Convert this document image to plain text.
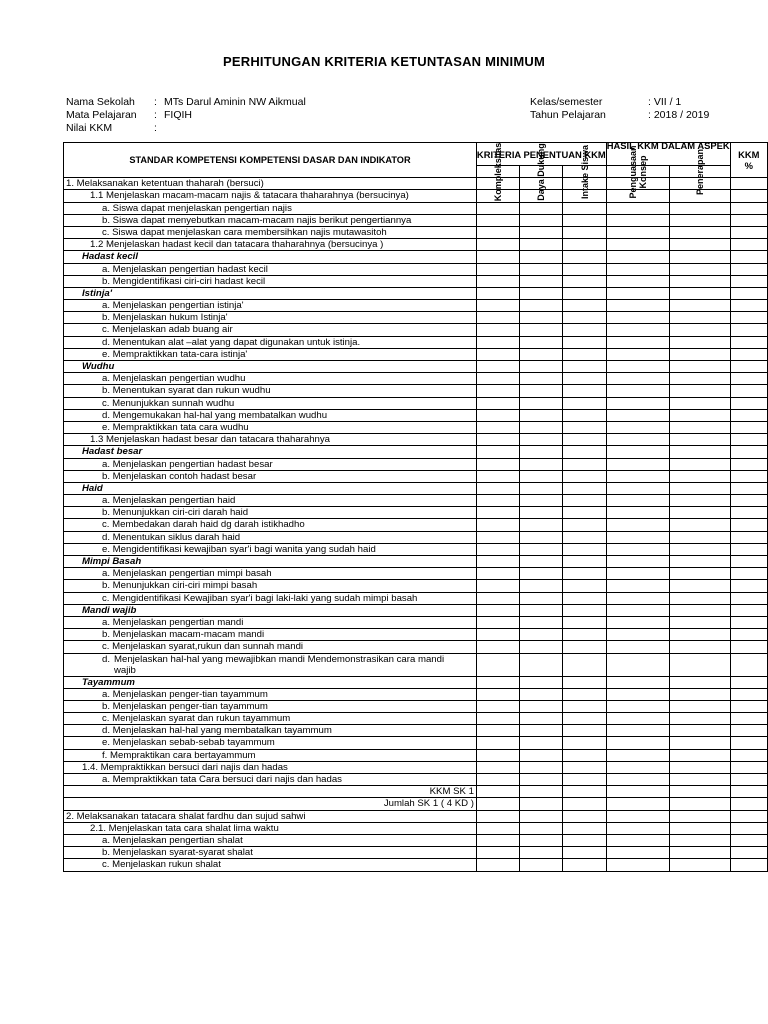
PERHITUNGAN KRITERIA KETUNTASAN MINIMUM
Nama Sekolah : MTs Darul Aminin NW Aikmual
Mata Pelajaran : FIQIH
Nilai KKM	:
Kelas/semester	: VII / 1
Tahun Pelajaran	: 2018 / 2019
STANDAR KOMPETENSI KOMPETENSI DASAR DAN INDIKATOR	KRITERIA PENENTUAN KKM			HASIL KKM DALAM ASPEK		KKM %

	Kompleksitas	Daya Dukung	Intake Siswa	Penguasaan Konsep	Penerapan	

1. Melaksanakan ketentuan thaharah (bersuci)						
1.1 Menjelaskan macam-macam najis & tatacara thaharahnya (bersucinya)						
a. Siswa dapat menjelaskan pengertian najis						
b. Siswa dapat menyebutkan macam-macam najis berikut pengertiannya						
c. Siswa dapat menjelaskan cara membersihkan najis mutawasitoh						
1.2 Menjelaskan hadast kecil dan tatacara thaharahnya (bersucinya )						
Hadast kecil						
a. Menjelaskan pengertian hadast kecil						
b. Mengidentifikasi ciri-ciri hadast kecil						
Istinja'						
a. Menjelaskan pengertian istinja'						
b. Menjelaskan hukum Istinja'						
c. Menjelaskan adab buang air						
d. Menentukan alat –alat yang dapat digunakan untuk istinja.						
e. Mempraktikkan tata-cara istinja'						
Wudhu						
a. Menjelaskan pengertian wudhu						
b. Menentukan syarat dan rukun wudhu						
c. Menunjukkan sunnah wudhu						
d. Mengemukakan hal-hal yang membatalkan wudhu						
e. Mempraktikkan tata cara wudhu						
1.3 Menjelaskan hadast besar dan tatacara thaharahnya						
Hadast besar						
a. Menjelaskan pengertian hadast besar						
b. Menjelaskan contoh hadast besar						
Haid						
a. Menjelaskan pengertian haid						
b. Menunjukkan ciri-ciri darah haid						
c. Membedakan darah haid dg darah istikhadho						
d. Menentukan siklus darah haid						
e. Mengidentifikasi kewajiban syar'i bagi wanita yang sudah haid						
Mimpi Basah						
a. Menjelaskan pengertian mimpi basah						
b. Menunjukkan ciri-ciri mimpi basah						
c. Mengidentifikasi Kewajiban syar'i bagi laki-laki yang sudah mimpi basah						
Mandi wajib						
a. Menjelaskan pengertian mandi						
b. Menjelaskan macam-macam mandi						
c. Menjelaskan syarat,rukun dan sunnah mandi						
d. Menjelaskan hal-hal yang mewajibkan mandi Mendemonstrasikan cara mandi wajib						
Tayammum						
a. Menjelaskan penger-tian tayammum						
b. Menjelaskan penger-tian tayammum						
c. Menjelaskan syarat dan rukun tayammum						
d. Menjelaskan hal-hal yang membatalkan tayammum						
e. Menjelaskan sebab-sebab tayammum						
f. Mempraktikan cara bertayammum						
1.4. Mempraktikkan bersuci dari najis dan hadas						
a. Mempraktikkan tata Cara bersuci dari najis dan hadas						
KKM SK 1						
Jumlah SK 1 ( 4 KD )						
2. Melaksanakan tatacara shalat fardhu dan sujud sahwi						
2.1. Menjelaskan tata cara shalat lima waktu						
a. Menjelaskan pengertian shalat						
b. Menjelaskan syarat-syarat shalat						
c. Menjelaskan rukun shalat						
